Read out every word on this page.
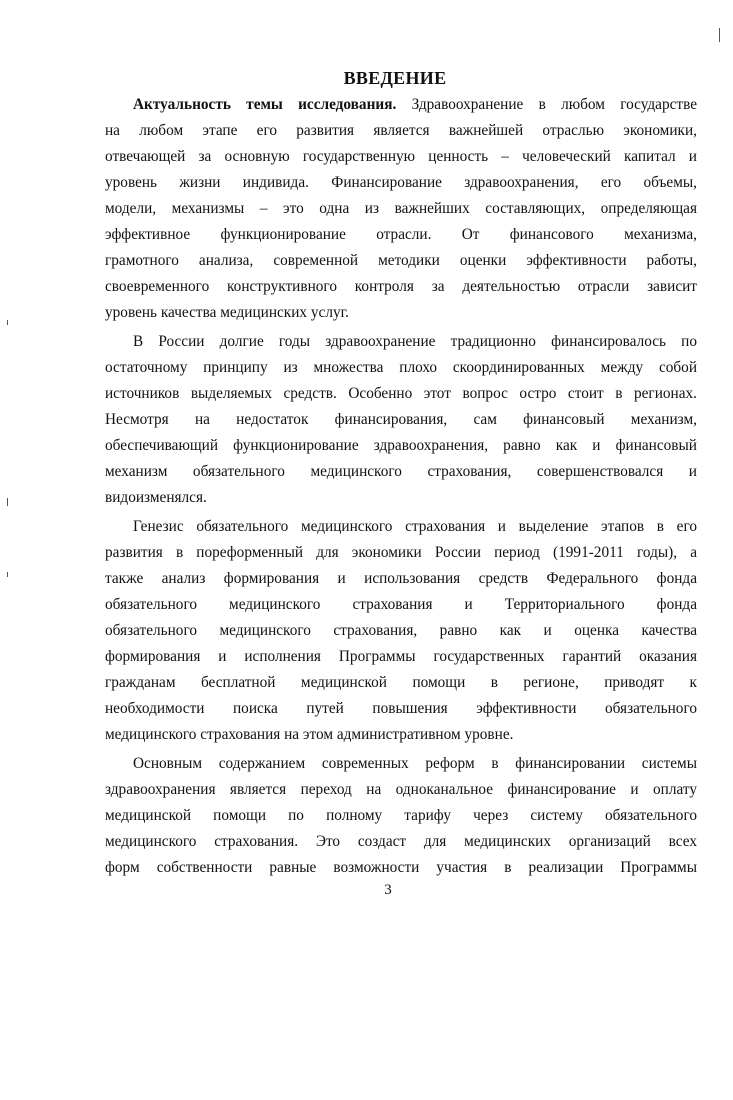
ВВЕДЕНИЕ
Актуальность темы исследования. Здравоохранение в любом государстве
на любом этапе его развития является важнейшей отраслью экономики,
отвечающей за основную государственную ценность – человеческий капитал и
уровень жизни индивида. Финансирование здравоохранения, его объемы,
модели, механизмы – это одна из важнейших составляющих, определяющая
эффективное функционирование отрасли. От финансового механизма,
грамотного анализа, современной методики оценки эффективности работы,
своевременного конструктивного контроля за деятельностью отрасли зависит
уровень качества медицинских услуг.
В России долгие годы здравоохранение традиционно финансировалось по
остаточному принципу из множества плохо скоординированных между собой
источников выделяемых средств. Особенно этот вопрос остро стоит в регионах.
Несмотря на недостаток финансирования, сам финансовый механизм,
обеспечивающий функционирование здравоохранения, равно как и финансовый
механизм обязательного медицинского страхования, совершенствовался и
видоизменялся.
Генезис обязательного медицинского страхования и выделение этапов в его
развития в пореформенный для экономики России период (1991-2011 годы), а
также анализ формирования и использования средств Федерального фонда
обязательного медицинского страхования и Территориального фонда
обязательного медицинского страхования, равно как и оценка качества
формирования и исполнения Программы государственных гарантий оказания
гражданам бесплатной медицинской помощи в регионе, приводят к
необходимости поиска путей повышения эффективности обязательного
медицинского страхования на этом административном уровне.
Основным содержанием современных реформ в финансировании системы
здравоохранения является переход на одноканальное финансирование и оплату
медицинской помощи по полному тарифу через систему обязательного
медицинского страхования. Это создаст для медицинских организаций всех
форм собственности равные возможности участия в реализации Программы
3
